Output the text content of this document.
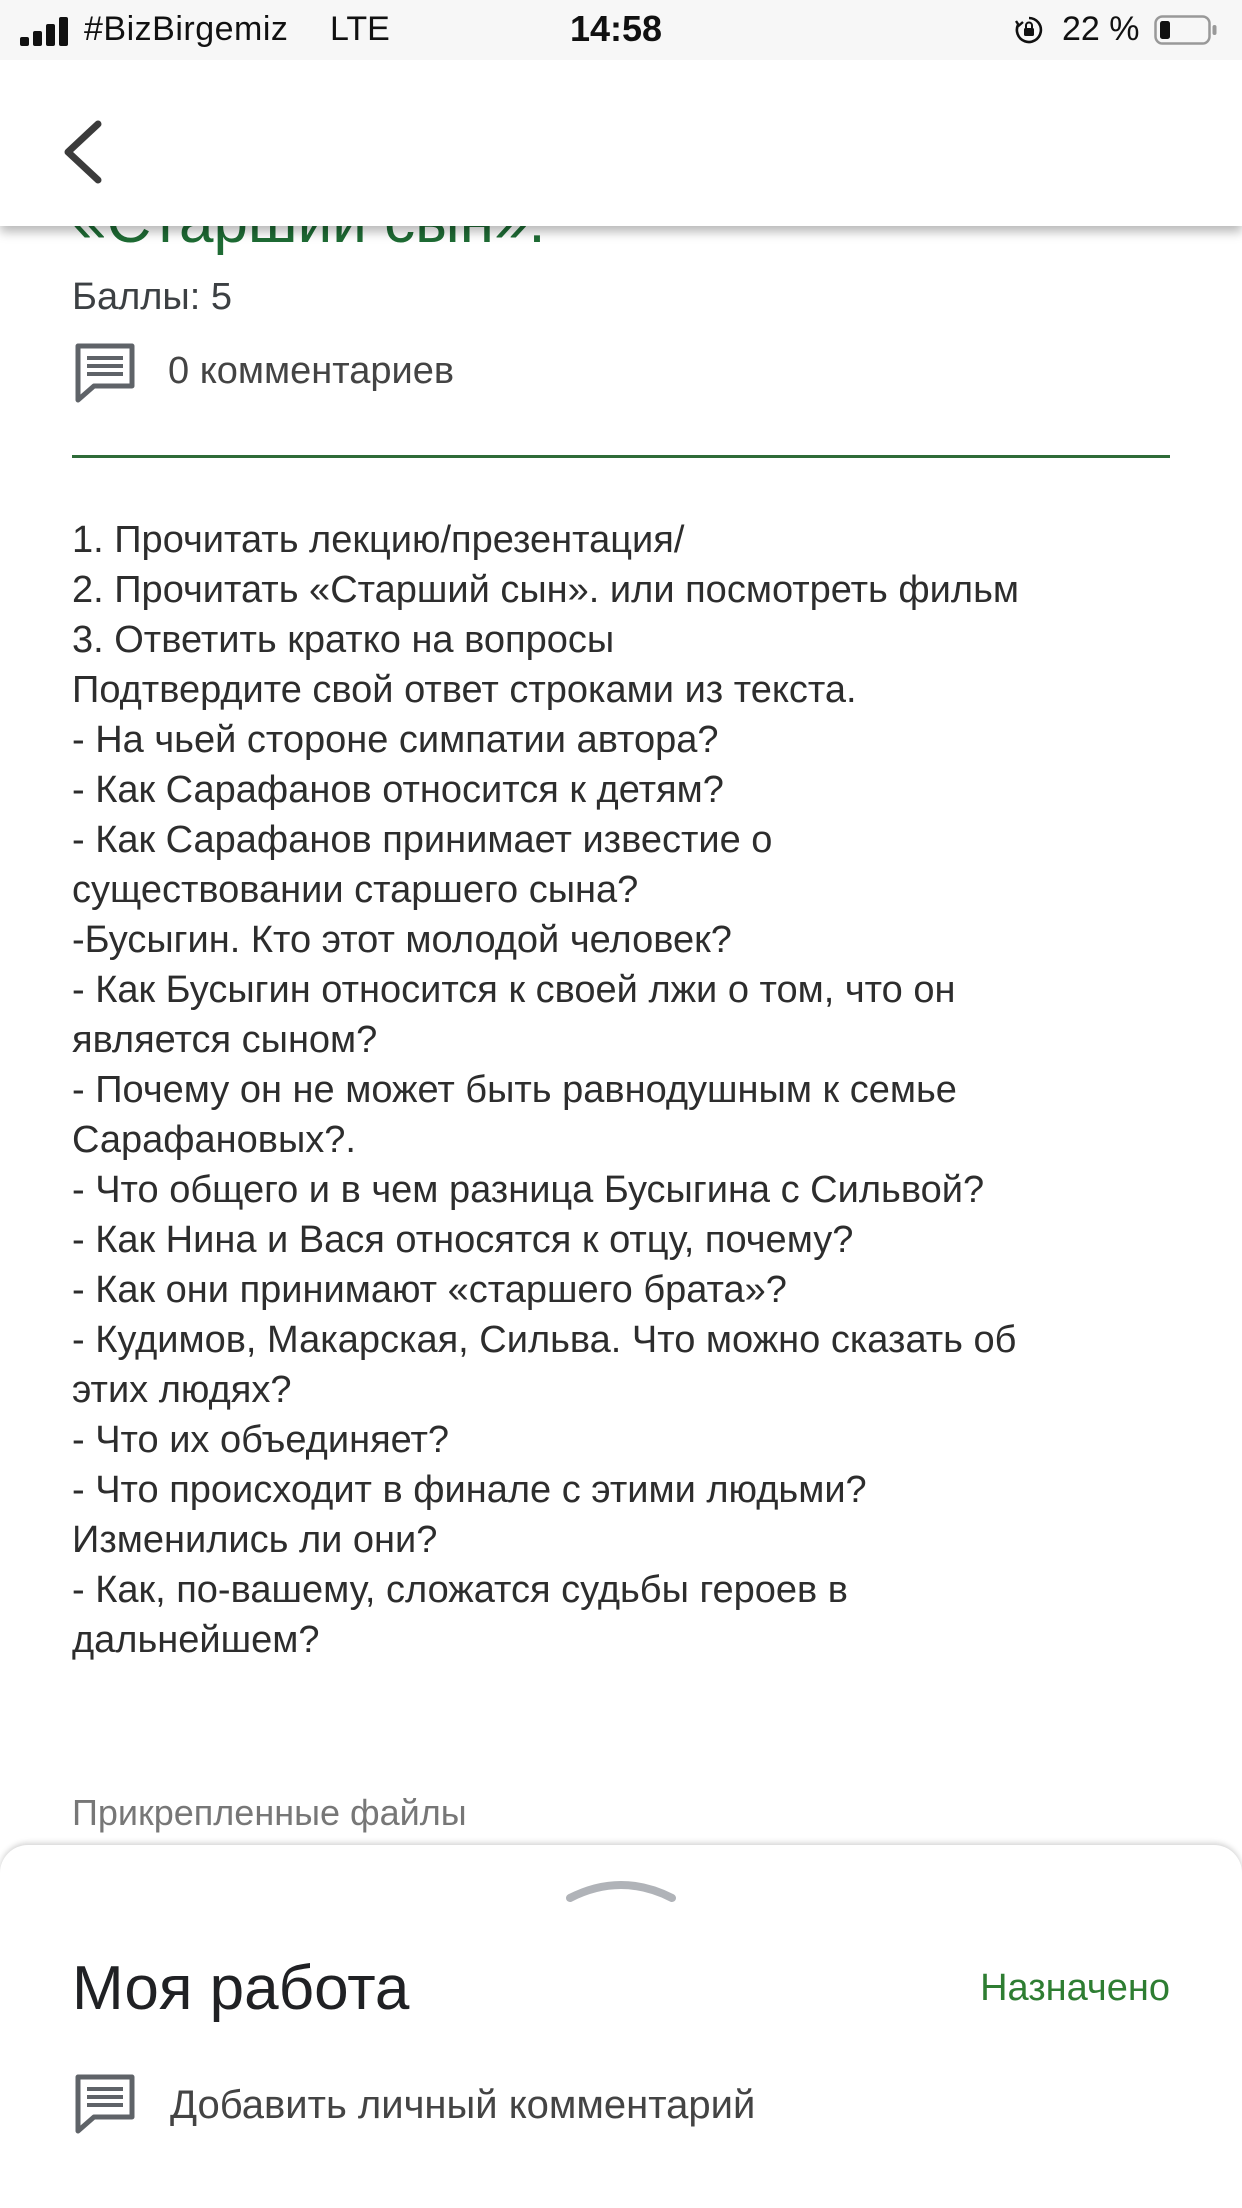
#BizBirgemiz LTE	14:58	22 %
Баллы: 5
0 комментариев
1. Прочитать лекцию/презентация/
2. Прочитать «Старший сын». или посмотреть фильм
3. Ответить кратко на вопросы
Подтвердите свой ответ строками из текста.
- На чьей стороне симпатии автора?
- Как Сарафанов относится к детям?
- Как Сарафанов принимает известие о
существовании старшего сына?
-Бусыгин. Кто этот молодой человек?
- Как Бусыгин относится к своей лжи о том, что он
является сыном?
- Почему он не может быть равнодушным к семье
Сарафановых?.
- Что общего и в чем разница Бусыгина с Сильвой?
- Как Нина и Вася относятся к отцу, почему?
- Как они принимают «старшего брата»?
- Кудимов, Макарская, Сильва. Что можно сказать об
этих людях?
- Что их объединяет?
- Что происходит в финале с этими людьми?
Изменились ли они?
- Как, по-вашему, сложатся судьбы героев в
дальнейшем?
Прикрепленные файлы
Моя работа	Назначено
Добавить личный комментарий
